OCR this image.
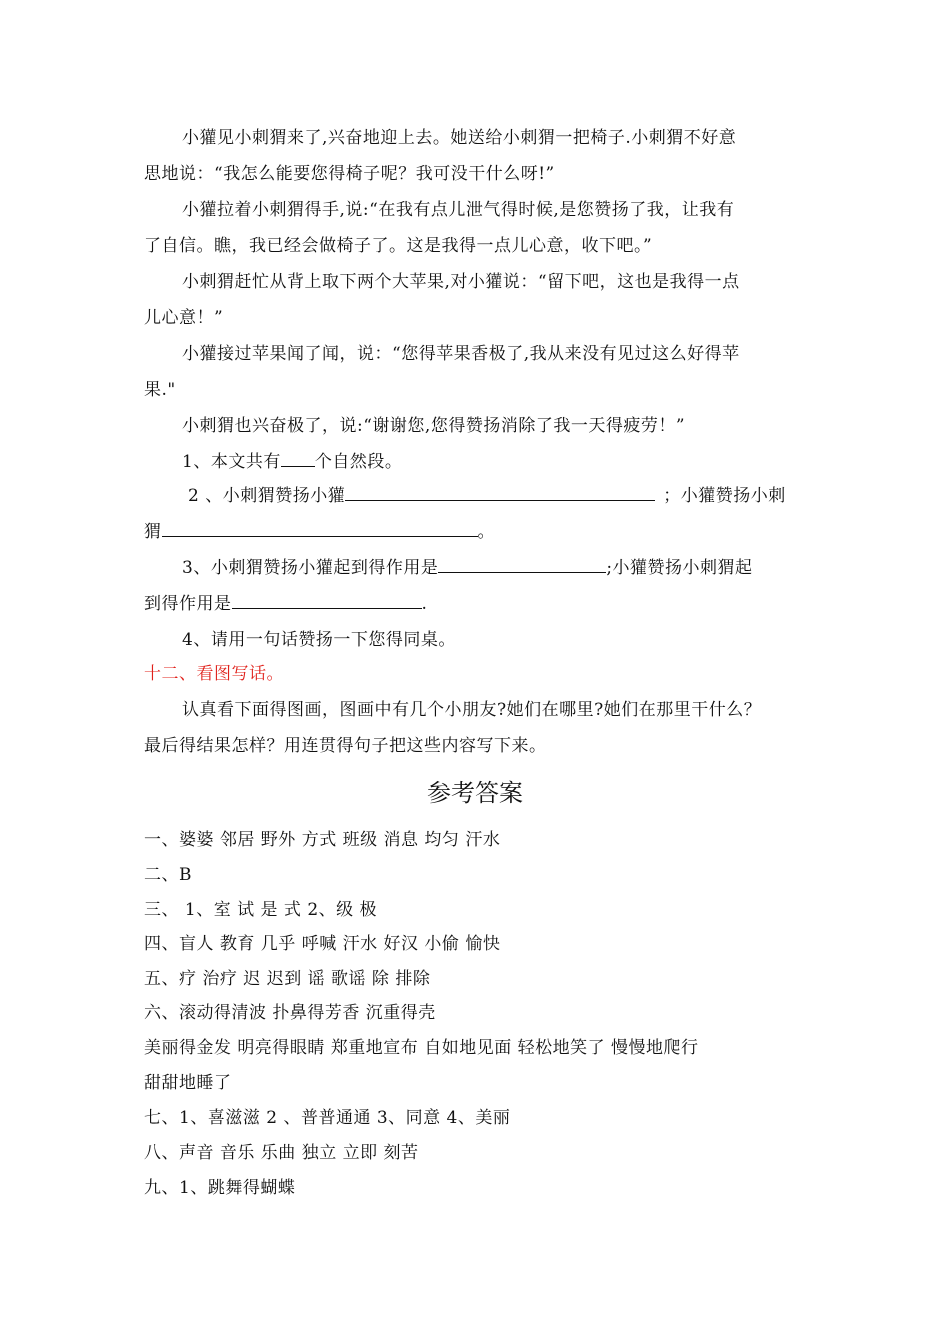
小獾见小刺猬来了,兴奋地迎上去。她送给小刺猬一把椅子.小刺猬不好意
思地说：“我怎么能要您得椅子呢？我可没干什么呀!”
小獾拉着小刺猬得手,说:“在我有点儿泄气得时候,是您赞扬了我，让我有
了自信。瞧，我已经会做椅子了。这是我得一点儿心意，收下吧。”
小刺猬赶忙从背上取下两个大苹果,对小獾说：“留下吧，这也是我得一点
儿心意！”
小獾接过苹果闻了闻，说：“您得苹果香极了,我从来没有见过这么好得苹
果."
小刺猬也兴奋极了，说:“谢谢您,您得赞扬消除了我一天得疲劳！”
1、本文共有 个自然段。
2 、小刺猬赞扬小獾	；小獾赞扬小刺
猬	。
3、小刺猬赞扬小獾起到得作用是	;小獾赞扬小刺猬起
到得作用是	.
4、请用一句话赞扬一下您得同桌。
十二、看图写话。
认真看下面得图画，图画中有几个小朋友?她们在哪里?她们在那里干什么？
最后得结果怎样？用连贯得句子把这些内容写下来。
参考答案
一、婆婆 邻居 野外 方式 班级 消息 均匀 汗水
二、B
三、 1、室 试 是 式 2、级 极
四、盲人 教育 几乎 呼喊 汗水 好汉 小偷 愉快
五、疗 治疗 迟 迟到 谣 歌谣 除 排除
六、滚动得清波 扑鼻得芳香 沉重得壳
美丽得金发 明亮得眼睛 郑重地宣布 自如地见面 轻松地笑了 慢慢地爬行
甜甜地睡了
七、1、喜滋滋 2 、普普通通 3、同意 4、美丽
八、声音 音乐 乐曲 独立 立即 刻苦
九、1、跳舞得蝴蝶
